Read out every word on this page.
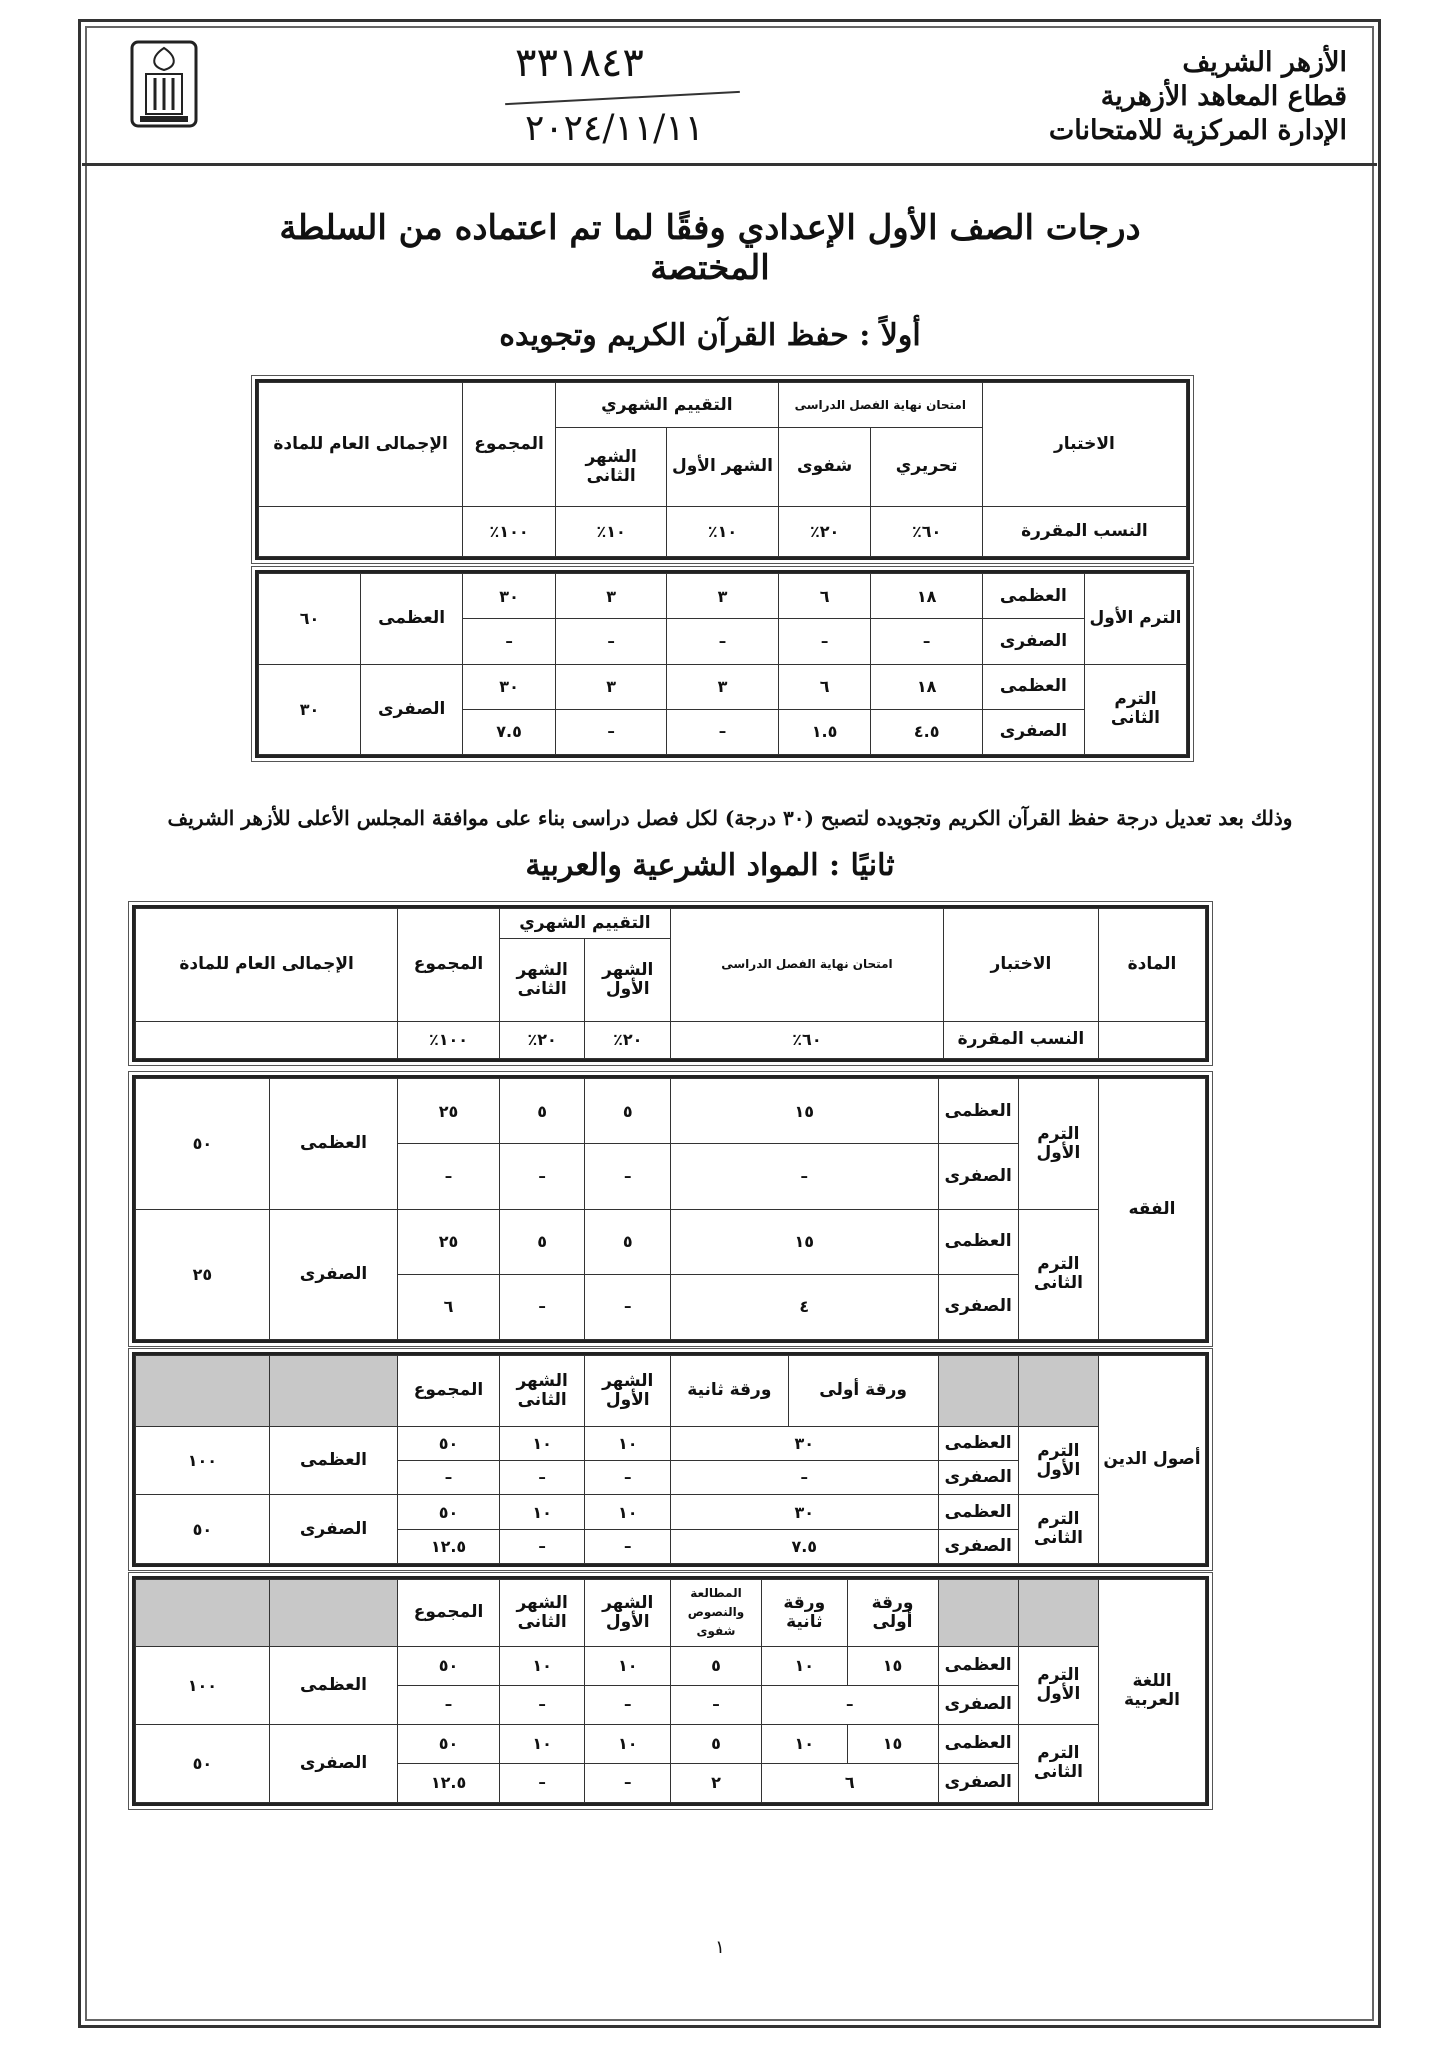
الأزهر الشريف
قطاع المعاهد الأزهرية
الإدارة المركزية للامتحانات
٣٣١٨٤٣
٢٠٢٤/١١/١١
درجات الصف الأول الإعدادي وفقًا لما تم اعتماده من السلطة المختصة
أولاً : حفظ القرآن الكريم وتجويده
الاختبار	امتحان نهاية الفصل الدراسى		التقييم الشهري		المجموع	الإجمالى العام للمادة
	تحريري	شفوى	الشهر الأول	الشهر الثانى		
النسب المقررة	٦٠٪	٢٠٪	١٠٪	١٠٪	١٠٠٪	
الترم الأول	العظمى	١٨	٦	٣	٣	٣٠	العظمى	٦٠
	الصفرى	–	–	–	–	–		
الترم الثانى	العظمى	١٨	٦	٣	٣	٣٠	الصفرى	٣٠
	الصفرى	٤.٥	١.٥	–	–	٧.٥		
وذلك بعد تعديل درجة حفظ القرآن الكريم وتجويده لتصبح (٣٠ درجة) لكل فصل دراسى بناء على موافقة المجلس الأعلى للأزهر الشريف
ثانيًا : المواد الشرعية والعربية
المادة	الاختبار	امتحان نهاية الفصل الدراسى	التقييم الشهري		المجموع	الإجمالى العام للمادة
			الشهر الأول	الشهر الثانى		
	النسب المقررة	٦٠٪	٢٠٪	٢٠٪	١٠٠٪	
الفقه	الترم الأول	العظمى	١٥	٥	٥	٢٥	العظمى	٥٠
		الصفرى	–	–	–	–		
	الترم الثانى	العظمى	١٥	٥	٥	٢٥	الصفرى	٢٥
		الصفرى	٤	–	–	٦		
أصول الدين			ورقة أولى	ورقة ثانية	الشهر الأول	الشهر الثانى	المجموع		
	الترم الأول	العظمى	٣٠		١٠	١٠	٥٠	العظمى	١٠٠
		الصفرى	–		–	–	–		
	الترم الثانى	العظمى	٣٠		١٠	١٠	٥٠	الصفرى	٥٠
		الصفرى	٧.٥		–	–	١٢.٥		
اللغة العربية			ورقة أولى	ورقة ثانية	المطالعة والنصوص شفوى	الشهر الأول	الشهر الثانى	المجموع		
	الترم الأول	العظمى	١٥	١٠	٥	١٠	١٠	٥٠	العظمى	١٠٠
		الصفرى	–		–	–	–	–		
	الترم الثانى	العظمى	١٥	١٠	٥	١٠	١٠	٥٠	الصفرى	٥٠
		الصفرى	٦		٢	–	–	١٢.٥		
١
